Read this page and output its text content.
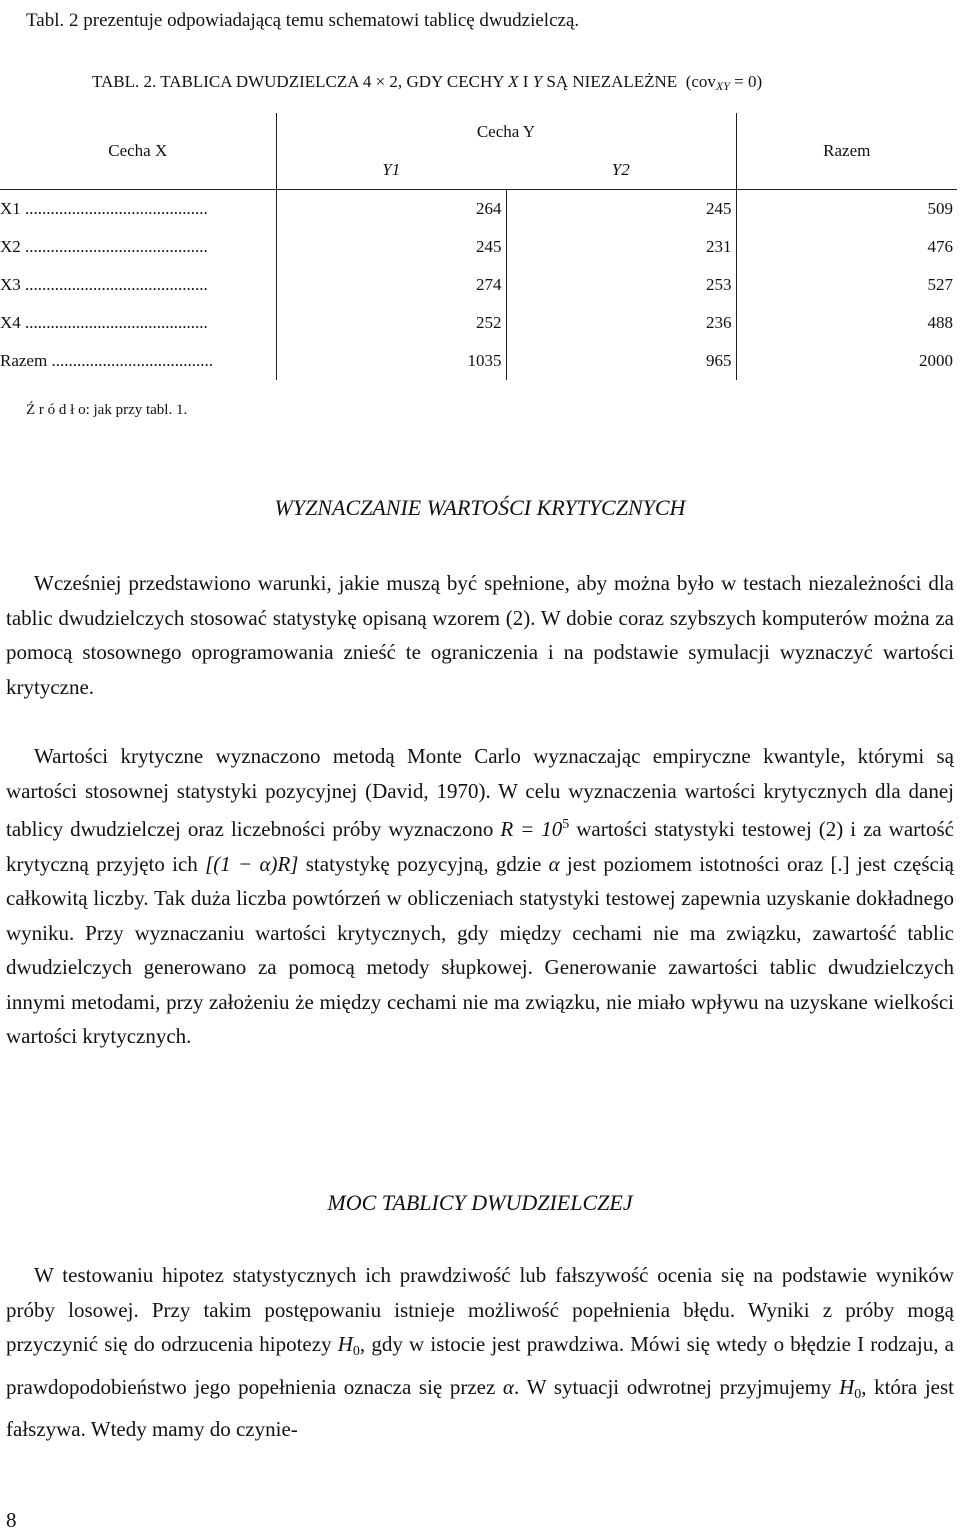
Tabl. 2 prezentuje odpowiadającą temu schematowi tablicę dwudzielczą.
TABL. 2. TABLICA DWUDZIELCZA 4 × 2, GDY CECHY X I Y SĄ NIEZALEŻNE (covXY = 0)
Cecha X	Cecha Y		Razem
	Y1	Y2	
X1 ...........................................	264	245	509
X2 ...........................................	245	231	476
X3 ...........................................	274	253	527
X4 ...........................................	252	236	488
Razem ......................................	1035	965	2000
Ź r ó d ł o: jak przy tabl. 1.
WYZNACZANIE WARTOŚCI KRYTYCZNYCH
Wcześniej przedstawiono warunki, jakie muszą być spełnione, aby można było w testach niezależności dla tablic dwudzielczych stosować statystykę opisaną wzorem (2). W dobie coraz szybszych komputerów można za pomocą stosownego oprogramowania znieść te ograniczenia i na podstawie symulacji wyznaczyć wartości krytyczne.
Wartości krytyczne wyznaczono metodą Monte Carlo wyznaczając empiryczne kwantyle, którymi są wartości stosownej statystyki pozycyjnej (David, 1970). W celu wyznaczenia wartości krytycznych dla danej tablicy dwudzielczej oraz liczebności próby wyznaczono $R = 10^5$ wartości statystyki testowej (2) i za wartość krytyczną przyjęto ich [(1 − α)R] statystykę pozycyjną, gdzie α jest poziomem istotności oraz [.] jest częścią całkowitą liczby. Tak duża liczba powtórzeń w obliczeniach statystyki testowej zapewnia uzyskanie dokładnego wyniku. Przy wyznaczaniu wartości krytycznych, gdy między cechami nie ma związku, zawartość tablic dwudzielczych generowano za pomocą metody słupkowej. Generowanie zawartości tablic dwudzielczych innymi metodami, przy założeniu że między cechami nie ma związku, nie miało wpływu na uzyskane wielkości wartości krytycznych.
MOC TABLICY DWUDZIELCZEJ
W testowaniu hipotez statystycznych ich prawdziwość lub fałszywość ocenia się na podstawie wyników próby losowej. Przy takim postępowaniu istnieje możliwość popełnienia błędu. Wyniki z próby mogą przyczynić się do odrzucenia hipotezy $H_0$, gdy w istocie jest prawdziwa. Mówi się wtedy o błędzie I rodzaju, a prawdopodobieństwo jego popełnienia oznacza się przez α. W sytuacji odwrotnej przyjmujemy $H_0$, która jest fałszywa. Wtedy mamy do czynie-
8
